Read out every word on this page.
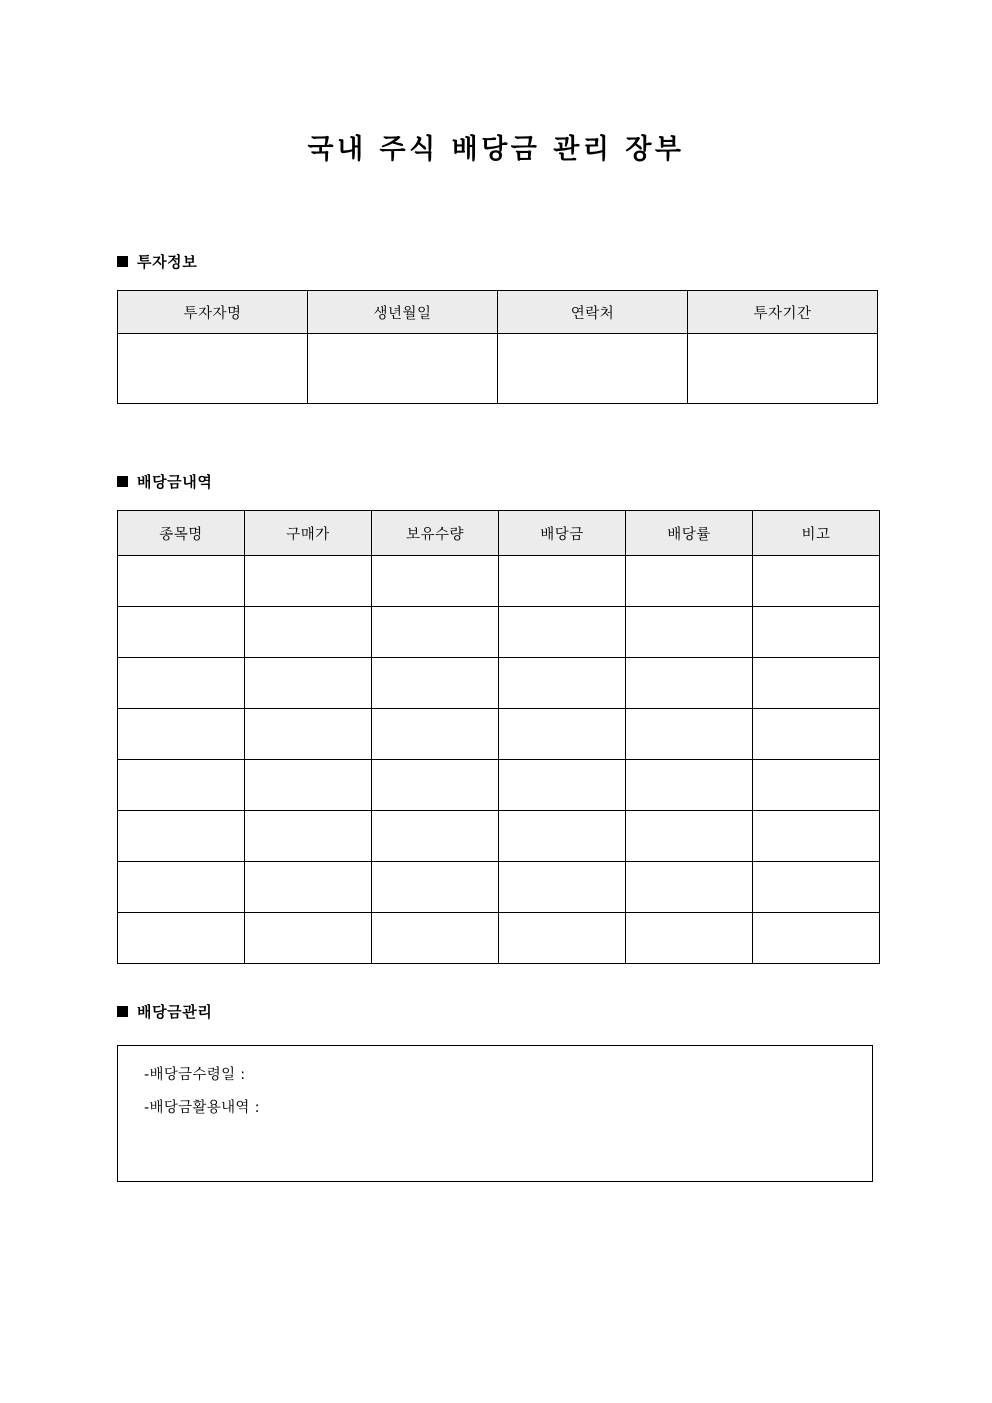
국내 주식 배당금 관리 장부
투자정보
투자자명	생년월일	연락처	투자기간

배당금내역
종목명	구매가	보유수량	배당금	배당률	비고

배당금관리
-배당금수령일 :
-배당금활용내역 :
